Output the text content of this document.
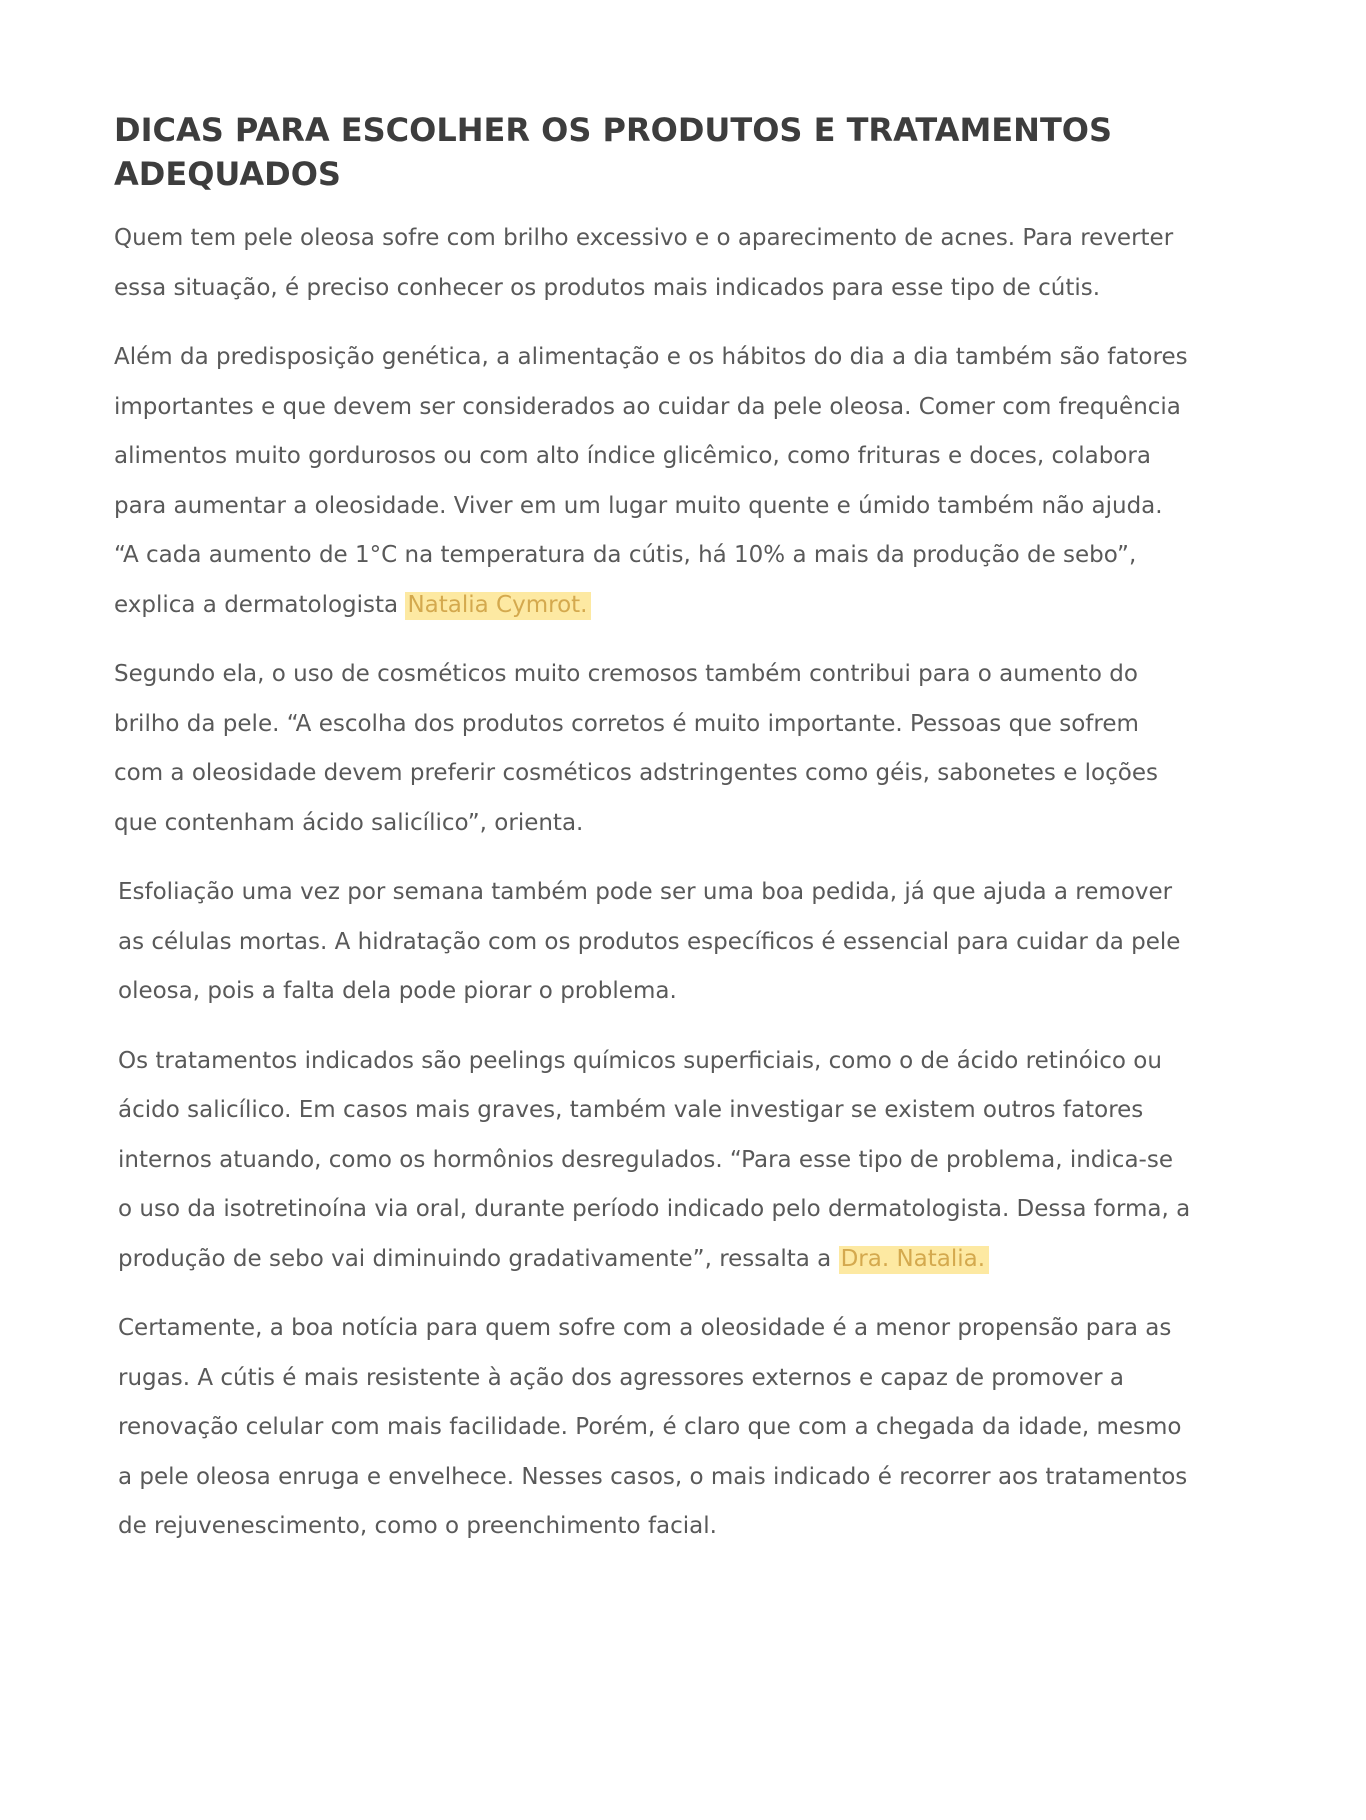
DICAS PARA ESCOLHER OS PRODUTOS E TRATAMENTOS ADEQUADOS

Quem tem pele oleosa sofre com brilho excessivo e o aparecimento de acnes. Para reverter essa situação, é preciso conhecer os produtos mais indicados para esse tipo de cútis.

Além da predisposição genética, a alimentação e os hábitos do dia a dia também são fatores importantes e que devem ser considerados ao cuidar da pele oleosa. Comer com frequência alimentos muito gordurosos ou com alto índice glicêmico, como frituras e doces, colabora para aumentar a oleosidade. Viver em um lugar muito quente e úmido também não ajuda. “A cada aumento de 1°C na temperatura da cútis, há 10% a mais da produção de sebo”, explica a dermatologista Natalia Cymrot.

Segundo ela, o uso de cosméticos muito cremosos também contribui para o aumento do brilho da pele. “A escolha dos produtos corretos é muito importante. Pessoas que sofrem com a oleosidade devem preferir cosméticos adstringentes como géis, sabonetes e loções que contenham ácido salicílico”, orienta.

Esfoliação uma vez por semana também pode ser uma boa pedida, já que ajuda a remover as células mortas. A hidratação com os produtos específicos é essencial para cuidar da pele oleosa, pois a falta dela pode piorar o problema.

Os tratamentos indicados são peelings químicos superficiais, como o de ácido retinóico ou ácido salicílico. Em casos mais graves, também vale investigar se existem outros fatores internos atuando, como os hormônios desregulados. “Para esse tipo de problema, indica-se o uso da isotretinoína via oral, durante período indicado pelo dermatologista. Dessa forma, a produção de sebo vai diminuindo gradativamente”, ressalta a Dra. Natalia.

Certamente, a boa notícia para quem sofre com a oleosidade é a menor propensão para as rugas. A cútis é mais resistente à ação dos agressores externos e capaz de promover a renovação celular com mais facilidade. Porém, é claro que com a chegada da idade, mesmo a pele oleosa enruga e envelhece. Nesses casos, o mais indicado é recorrer aos tratamentos de rejuvenescimento, como o preenchimento facial.
